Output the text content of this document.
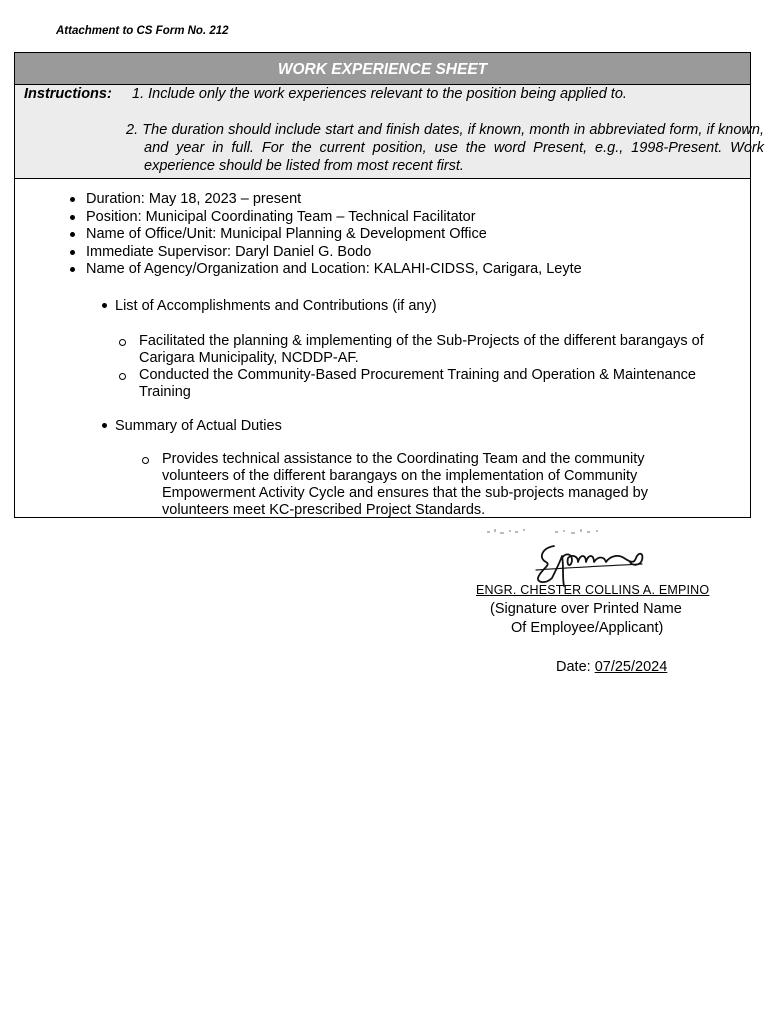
Attachment to CS Form No. 212
WORK EXPERIENCE SHEET
Instructions: 1. Include only the work experiences relevant to the position being applied to.
2. The duration should include start and finish dates, if known, month in abbreviated form, if known, and year in full. For the current position, use the word Present, e.g., 1998-Present. Work experience should be listed from most recent first.
Duration: May 18, 2023 – present
Position: Municipal Coordinating Team – Technical Facilitator
Name of Office/Unit: Municipal Planning & Development Office
Immediate Supervisor: Daryl Daniel G. Bodo
Name of Agency/Organization and Location: KALAHI-CIDSS, Carigara, Leyte
List of Accomplishments and Contributions (if any)
Facilitated the planning & implementing of the Sub-Projects of the different barangays of Carigara Municipality, NCDDP-AF.
Conducted the Community-Based Procurement Training and Operation & Maintenance Training
Summary of Actual Duties
Provides technical assistance to the Coordinating Team and the community volunteers of the different barangays on the implementation of Community Empowerment Activity Cycle and ensures that the sub-projects managed by volunteers meet KC-prescribed Project Standards.
ENGR. CHESTER COLLINS A. EMPINO
(Signature over Printed Name
Of Employee/Applicant)
Date: 07/25/2024
